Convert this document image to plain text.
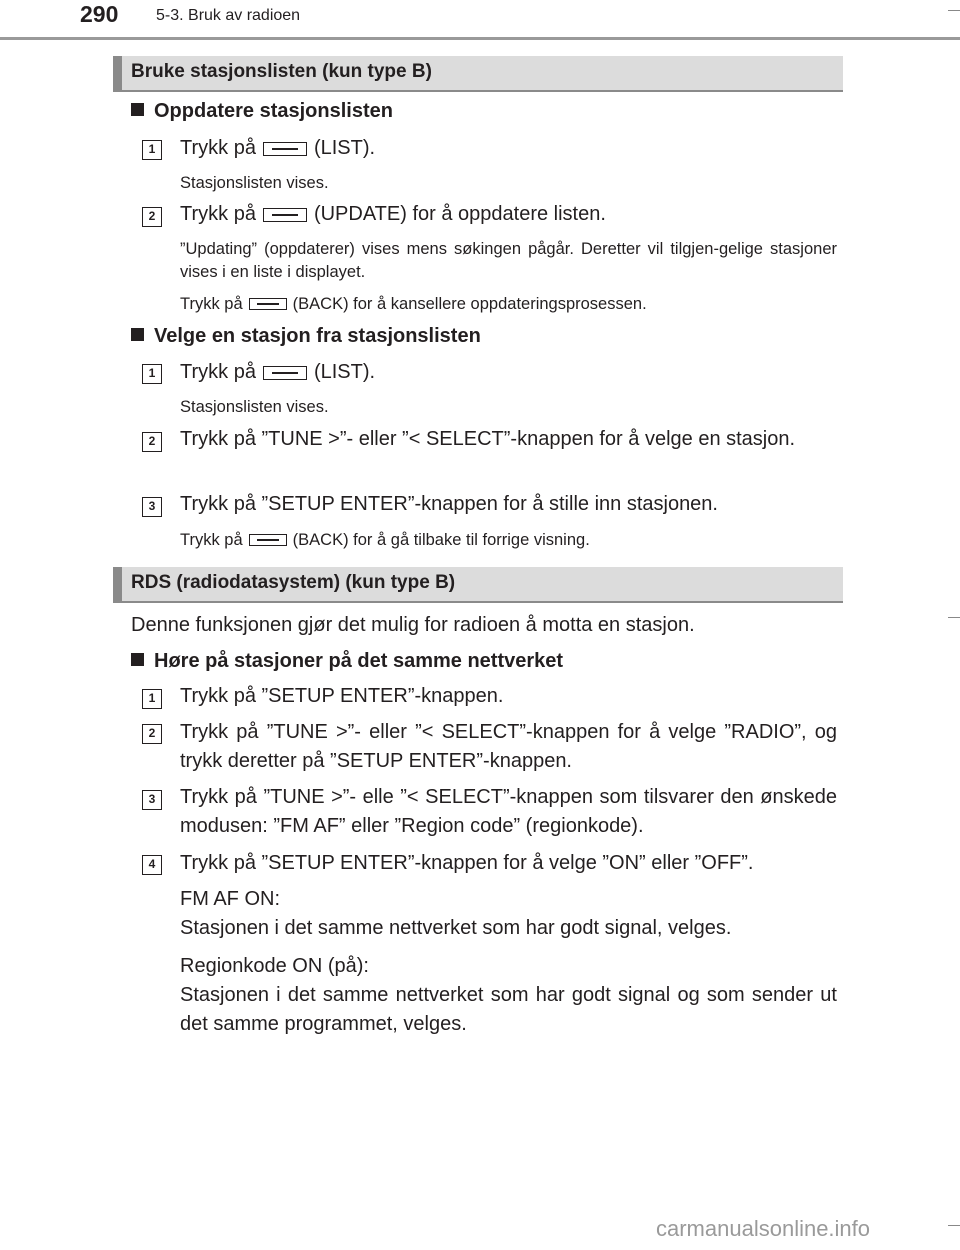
290 5-3. Bruk av radioen
Bruke stasjonslisten (kun type B)
Oppdatere stasjonslisten
1	Trykk på	(LIST).
Stasjonslisten vises.
2	Trykk på	(UPDATE) for å oppdatere listen.
”Updating” (oppdaterer) vises mens søkingen pågår. Deretter vil tilgjen-gelige stasjoner vises i en liste i displayet.
Trykk på	(BACK) for å kansellere oppdateringsprosessen.
Velge en stasjon fra stasjonslisten
1	Trykk på	(LIST).
Stasjonslisten vises.
2	Trykk på ”TUNE >”- eller ”< SELECT”-knappen for å velge en stasjon.
3	Trykk på ”SETUP ENTER”-knappen for å stille inn stasjonen.
Trykk på	(BACK) for å gå tilbake til forrige visning.
RDS (radiodatasystem) (kun type B)
Denne funksjonen gjør det mulig for radioen å motta en stasjon.
Høre på stasjoner på det samme nettverket
1	Trykk på ”SETUP ENTER”-knappen.
2	Trykk på ”TUNE >”- eller ”< SELECT”-knappen for å velge ”RADIO”, og trykk deretter på ”SETUP ENTER”-knappen.
3	Trykk på ”TUNE >”- elle ”< SELECT”-knappen som tilsvarer den ønskede modusen: ”FM AF” eller ”Region code” (regionkode).
4	Trykk på ”SETUP ENTER”-knappen for å velge ”ON” eller ”OFF”.
FM AF ON:
Stasjonen i det samme nettverket som har godt signal, velges.
Regionkode ON (på):
Stasjonen i det samme nettverket som har godt signal og som sender ut det samme programmet, velges.
carmanualsonline.info
